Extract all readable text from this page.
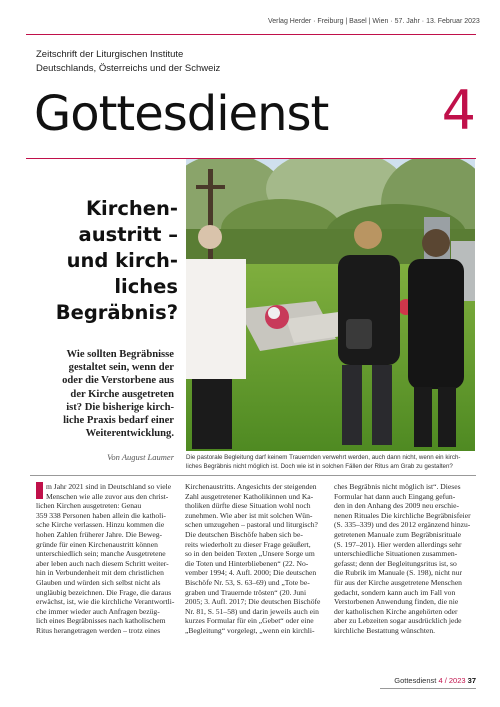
Verlag Herder · Freiburg | Basel | Wien · 57. Jahr · 13. Februar 2023
Zeitschrift der Liturgischen Institute
Deutschlands, Österreichs und der Schweiz
Gottesdienst	4
Kirchen-
austritt –
und kirch-
liches
Begräbnis?
Wie sollten Begräbnisse
gestaltet sein, wenn der
oder die Verstorbene aus
der Kirche ausgetreten
ist? Die bisherige kirch-
liche Praxis bedarf einer
Weiterentwicklung.
Von August Laumer Die pastorale Begleitung darf keinem Trauernden verwehrt werden, auch dann nicht, wenn ein kirch-
liches Begräbnis nicht möglich ist. Doch wie ist in solchen Fällen der Ritus am Grab zu gestalten?
m Jahr 2021 sind in Deutschland so viele
Menschen wie alle zuvor aus den christ-
lichen Kirchen ausgetreten: Genau
359 338 Personen haben allein die katholi-
sche Kirche verlassen. Hinzu kommen die
hohen Zahlen früherer Jahre. Die Beweg-
gründe für einen Kirchenaustritt können
unterschiedlich sein; manche Ausgetretene
aber leben auch nach diesem Schritt weiter-
hin in Verbundenheit mit dem christlichen
Glauben und würden sich selbst nicht als
ungläubig bezeichnen. Die Frage, die daraus
erwächst, ist, wie die kirchliche Verantwortli-
che immer wieder auch Anfragen bezüg-
lich eines Begräbnisses nach katholischem
Ritus herangetragen werden – trotz eines
Kirchenaustritts. Angesichts der steigenden
Zahl ausgetretener Katholikinnen und Ka-
tholiken dürfte diese Situation wohl noch
zunehmen. Wie aber ist mit solchen Wün-
schen umzugehen – pastoral und liturgisch?
Die deutschen Bischöfe haben sich be-
reits wiederholt zu dieser Frage geäußert,
so in den beiden Texten „Unsere Sorge um
die Toten und Hinterbliebenen“ (22. No-
vember 1994; 4. Aufl. 2000; Die deutschen
Bischöfe Nr. 53, S. 63–69) und „Tote be-
graben und Trauernde trösten“ (20. Juni
2005; 3. Aufl. 2017; Die deutschen Bischöfe
Nr. 81, S. 51–58) und darin jeweils auch ein
kurzes Formular für ein „Gebet“ oder eine
„Begleitung“ vorgelegt, „wenn ein kirchli-
ches Begräbnis nicht möglich ist“. Dieses
Formular hat dann auch Eingang gefun-
den in den Anhang des 2009 neu erschie-
nenen Rituales Die kirchliche Begräbnisfeier
(S. 335–339) und des 2012 ergänzend hinzu-
getretenen Manuale zum Begräbnisrituale
(S. 197–201). Hier werden allerdings sehr
unterschiedliche Situationen zusammen-
gefasst; denn der Begleitungsritus ist, so
die Rubrik im Manuale (S. 198), nicht nur
für aus der Kirche ausgetretene Menschen
gedacht, sondern kann auch im Fall von
Verstorbenen Anwendung finden, die nie
der katholischen Kirche angehörten oder
aber zu Lebzeiten sogar ausdrücklich jede
kirchliche Bestattung wünschten.
Gottesdienst 4 / 2023 37
